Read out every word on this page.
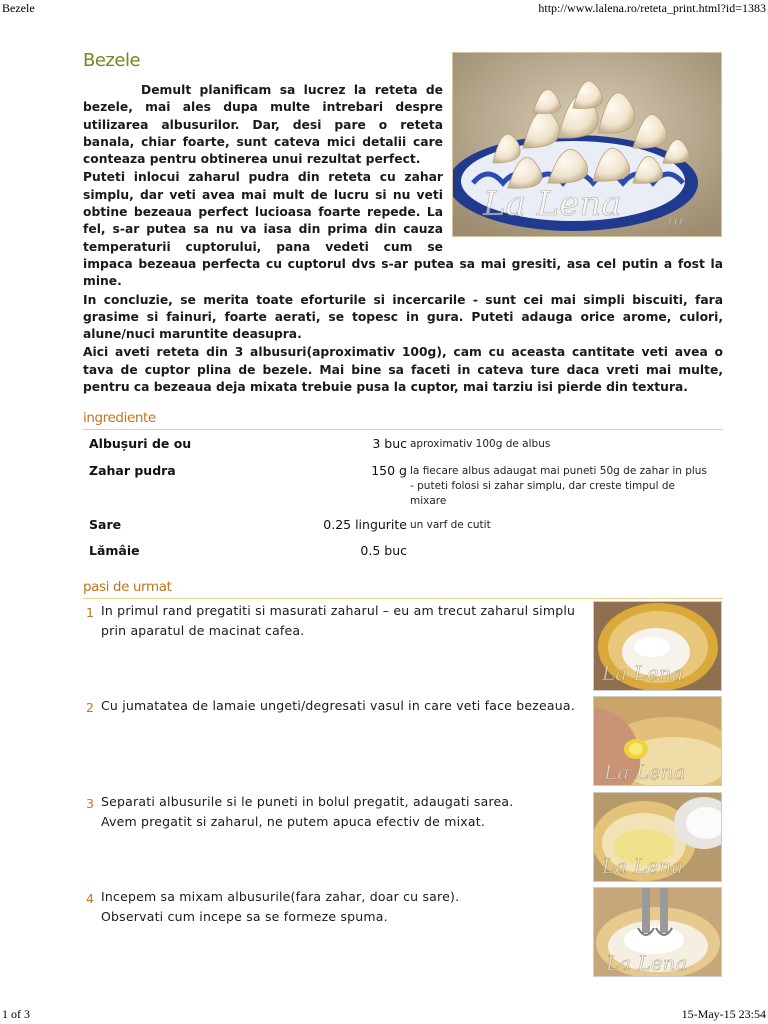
Bezele	http://www.lalena.ro/reteta_print.html?id=1383
Bezele
La Lena	.ro

Demult planificam sa lucrez la reteta de bezele, mai ales dupa multe intrebari despre utilizarea albusurilor. Dar, desi pare o reteta banala, chiar foarte, sunt cateva mici detalii care conteaza pentru obtinerea unui rezultat perfect.

Puteti inlocui zaharul pudra din reteta cu zahar simplu, dar veti avea mai mult de lucru si nu veti obtine bezeaua perfect lucioasa foarte repede. La fel, s-ar putea sa nu va iasa din prima din cauza temperaturii cuptorului, pana vedeti cum se impaca bezeaua perfecta cu cuptorul dvs s-ar putea sa mai gresiti, asa cel putin a fost la mine.

In concluzie, se merita toate eforturile si incercarile - sunt cei mai simpli biscuiti, fara grasime si fainuri, foarte aerati, se topesc in gura. Puteti adauga orice arome, culori, alune/nuci maruntite deasupra.

Aici aveti reteta din 3 albusuri(aproximativ 100g), cam cu aceasta cantitate veti avea o tava de cuptor plina de bezele. Mai bine sa faceti in cateva ture daca vreti mai multe, pentru ca bezeaua deja mixata trebuie pusa la cuptor, mai tarziu isi pierde din textura.

ingrediente
Albușuri de ou	3 buc aproximativ 100g de albus
Zahar pudra	150 g la fiecare albus adaugat mai puneti 50g de zahar in plus - puteti folosi si zahar simplu, dar creste timpul de mixare
Sare	0.25 lingurite un varf de cutit
Lămâie	0.5 buc
pasi de urmat
1 In primul rand pregatiti si masurati zaharul – eu am trecut zaharul simplu prin aparatul de macinat cafea.
La Lena
2 Cu jumatatea de lamaie ungeti/degresati vasul in care veti face bezeaua.
La Lena
3 Separati albusurile si le puneti in bolul pregatit, adaugati sarea.
Avem pregatit si zaharul, ne putem apuca efectiv de mixat.
La Lena
4 Incepem sa mixam albusurile(fara zahar, doar cu sare).
Observati cum incepe sa se formeze spuma.
La Lena
1 of 3	15-May-15 23:54
